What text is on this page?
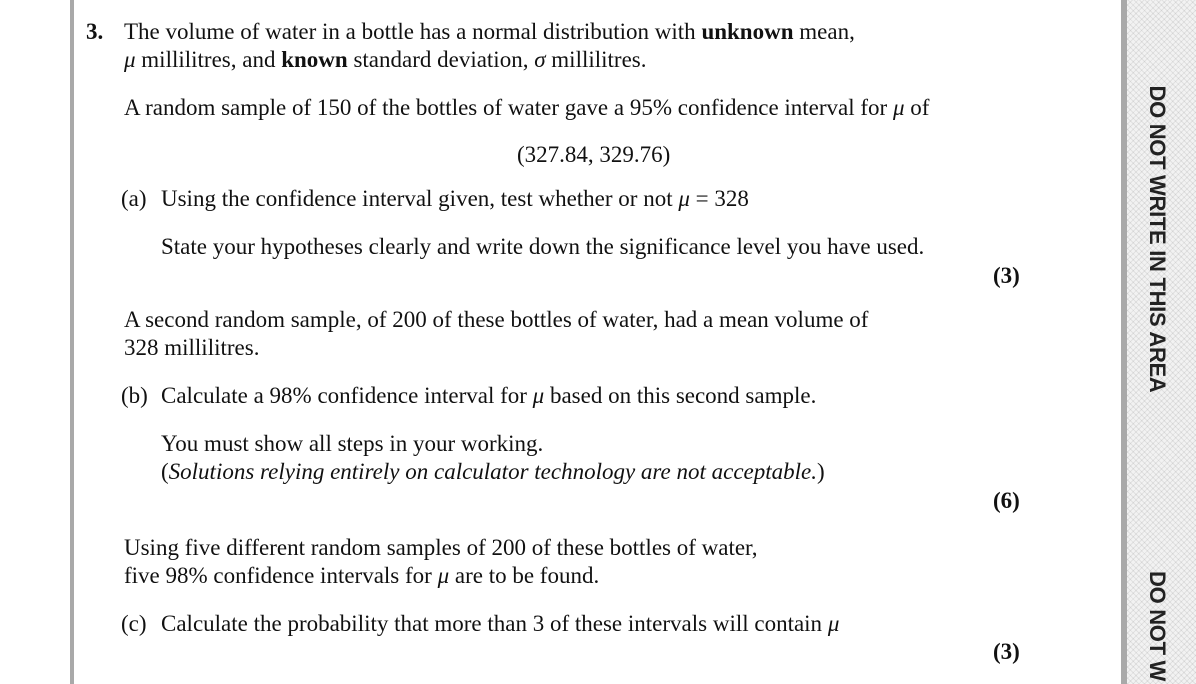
DO NOT WRITE IN THIS AREA
DO NOT W
3. The volume of water in a bottle has a normal distribution with unknown mean,
μ millilitres, and known standard deviation, σ millilitres.
A random sample of 150 of the bottles of water gave a 95% confidence interval for μ of
(327.84, 329.76)
(a) Using the confidence interval given, test whether or not μ = 328
State your hypotheses clearly and write down the significance level you have used.
(3)
A second random sample, of 200 of these bottles of water, had a mean volume of
328 millilitres.
(b) Calculate a 98% confidence interval for μ based on this second sample.
You must show all steps in your working.
(Solutions relying entirely on calculator technology are not acceptable.)
(6)
Using five different random samples of 200 of these bottles of water,
five 98% confidence intervals for μ are to be found.
(c) Calculate the probability that more than 3 of these intervals will contain μ
(3)
